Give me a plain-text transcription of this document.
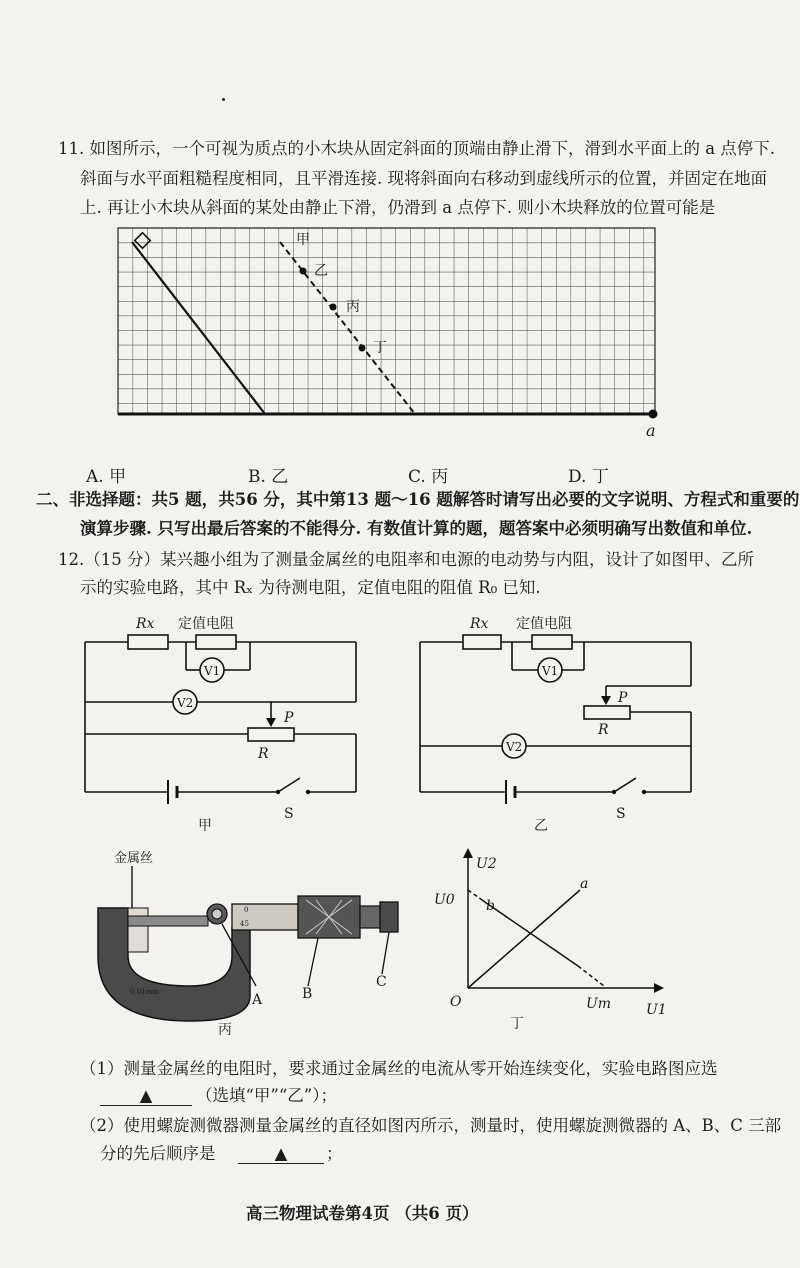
11. 如图所示，一个可视为质点的小木块从固定斜面的顶端由静止滑下，滑到水平面上的 a 点停下.
斜面与水平面粗糙程度相同，且平滑连接. 现将斜面向右移动到虚线所示的位置，并固定在地面
上. 再让小木块从斜面的某处由静止下滑，仍滑到 a 点停下. 则小木块释放的位置可能是
甲
乙
丙
丁
a
A. 甲	B. 乙	C. 丙	D. 丁
二、非选择题：共5 题，共56 分，其中第13 题～16 题解答时请写出必要的文字说明、方程式和重要的
演算步骤. 只写出最后答案的不能得分. 有数值计算的题，题答案中必须明确写出数值和单位.
12.（15 分）某兴趣小组为了测量金属丝的电阻率和电源的电动势与内阻，设计了如图甲、乙所
示的实验电路，其中 Rₓ 为待测电阻，定值电阻的阻值 R₀ 已知.
Rx 定值电阻
V1
V2
P
R
S
甲
Rx 定值电阻
V1
V2
P
R
S
乙
金属丝
0
45
0.01mm	A	B
C
丙
U2
U0 b
a
O	Um U1
丁
（1）测量金属丝的电阻时，要求通过金属丝的电流从零开始连续变化，实验电路图应选
▲	（选填“甲”“乙”）；
（2）使用螺旋测微器测量金属丝的直径如图丙所示，测量时，使用螺旋测微器的 A、B、C 三部
分的先后顺序是	▲	；
高三物理试卷第4页 （共6 页）
